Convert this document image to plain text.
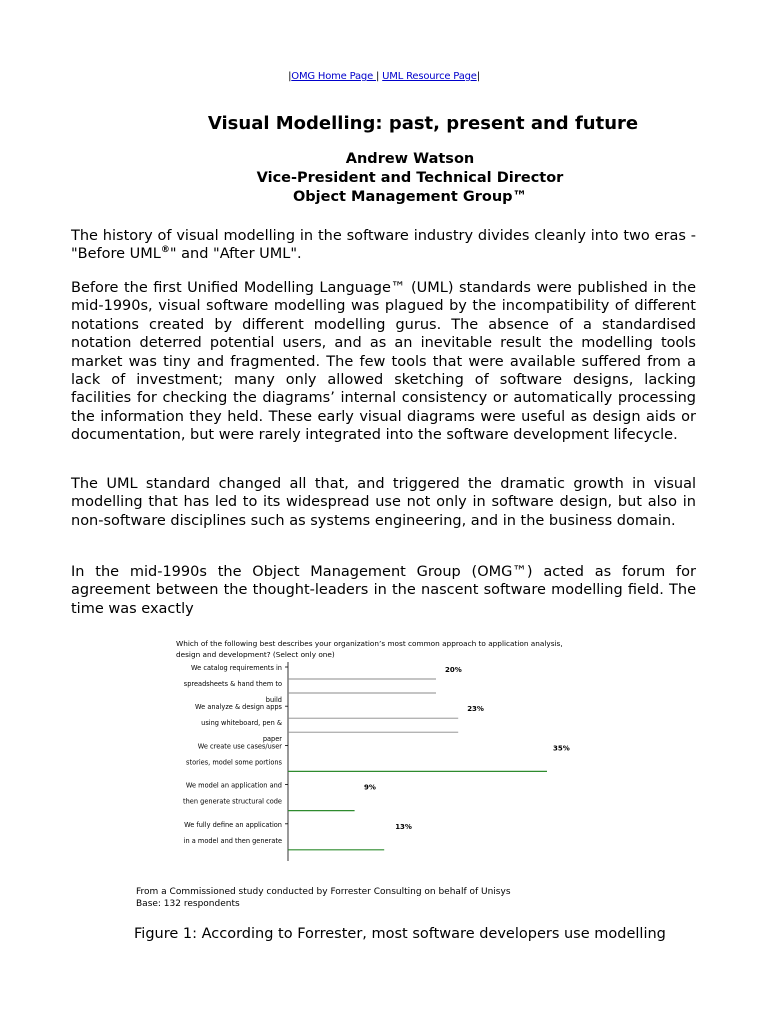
|OMG Home Page | UML Resource Page|
Visual Modelling: past, present and future
Andrew Watson
Vice-President and Technical Director
Object Management Group™

The history of visual modelling in the software industry divides cleanly into two eras - "Before UML®" and "After UML".

Before the first Unified Modelling Language™ (UML) standards were published in the mid-1990s, visual software modelling was plagued by the incompatibility of different notations created by different modelling gurus. The absence of a standardised notation deterred potential users, and as an inevitable result the modelling tools market was tiny and fragmented. The few tools that were available suffered from a lack of investment; many only allowed sketching of software designs, lacking facilities for checking the diagrams’ internal consistency or automatically processing the information they held. These early visual diagrams were useful as design aids or documentation, but were rarely integrated into the software development lifecycle.

The UML standard changed all that, and triggered the dramatic growth in visual modelling that has led to its widespread use not only in software design, but also in non-software disciplines such as systems engineering, and in the business domain.

In the mid-1990s the Object Management Group (OMG™) acted as forum for agreement between the thought-leaders in the nascent software modelling field. The time was exactly

Which of the following best describes your organization’s most common approach to application analysis,
design and development? (Select only one)
We catalog requirements in
spreadsheets & hand them to
build
20%
We analyze & design apps
using whiteboard, pen &
paper
23%
We create use cases/user
stories, model some portions
35%
We model an application and
then generate structural code
9%
We fully define an application
in a model and then generate
13%
From a Commissioned study conducted by Forrester Consulting on behalf of Unisys
Base: 132 respondents
Figure 1: According to Forrester, most software developers use modelling
